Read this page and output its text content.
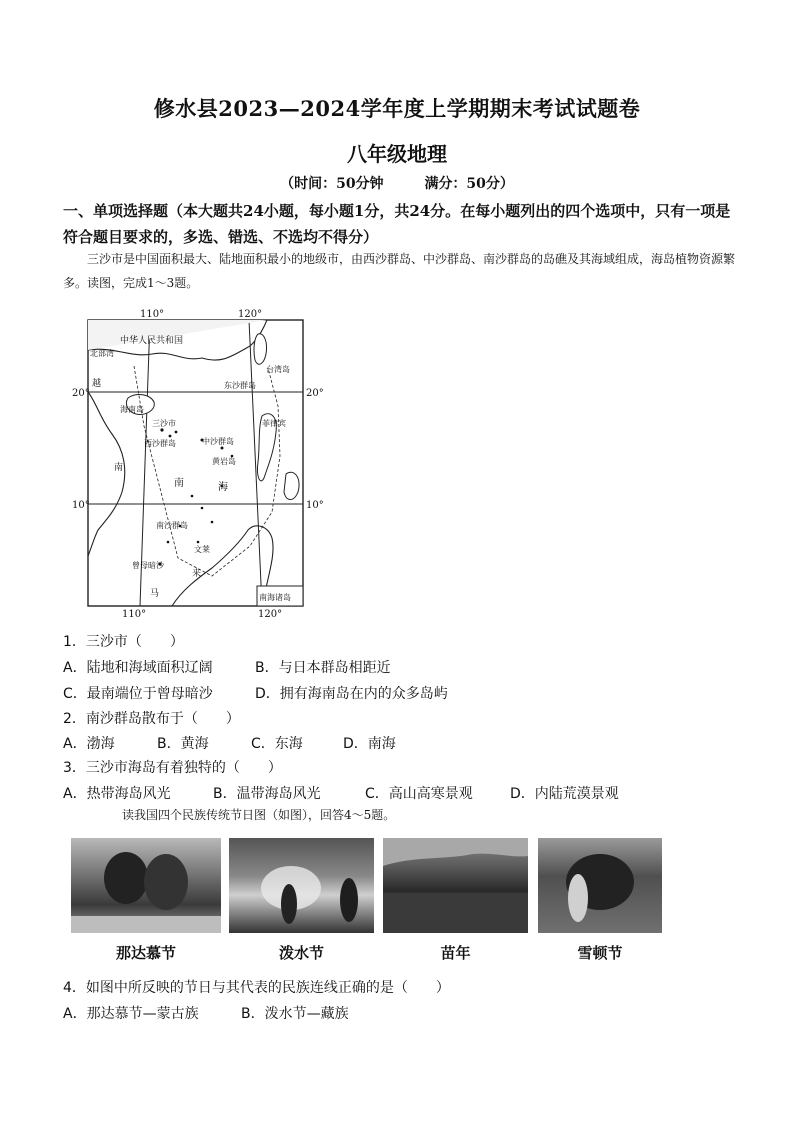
修水县2023—2024学年度上学期期末考试试题卷
八年级地理
（时间：50分钟	满分：50分）
一、单项选择题（本大题共24小题，每小题1分，共24分。在每小题列出的四个选项中，只有一项是符合题目要求的，多选、错选、不选均不得分）
三沙市是中国面积最大、陆地面积最小的地级市，由西沙群岛、中沙群岛、南沙群岛的岛礁及其海域组成，海岛植物资源繁多。读图，完成1～3题。
110°	120°
110°	120°
20°	20°
10°	10°
中华人民共和国
北部湾
越
南
海南岛
三沙市
西沙群岛	中沙群岛
黄岩岛
东沙群岛
台湾岛
菲律宾
南	海
南沙群岛
文莱
曾母暗沙
马
来
南海诸岛
1．三沙市（　　）
A．陆地和海域面积辽阔	B．与日本群岛相距近
C．最南端位于曾母暗沙	D．拥有海南岛在内的众多岛屿
2．南沙群岛散布于（　　）
A．渤海	B．黄海	C．东海	D．南海
3．三沙市海岛有着独特的（　　）
A．热带海岛风光	B．温带海岛风光	C．高山高寒景观	D．内陆荒漠景观
读我国四个民族传统节日图（如图），回答4～5题。
那达慕节	泼水节	苗年	雪顿节
4．如图中所反映的节日与其代表的民族连线正确的是（　　）
A．那达慕节—蒙古族	B．泼水节—藏族
